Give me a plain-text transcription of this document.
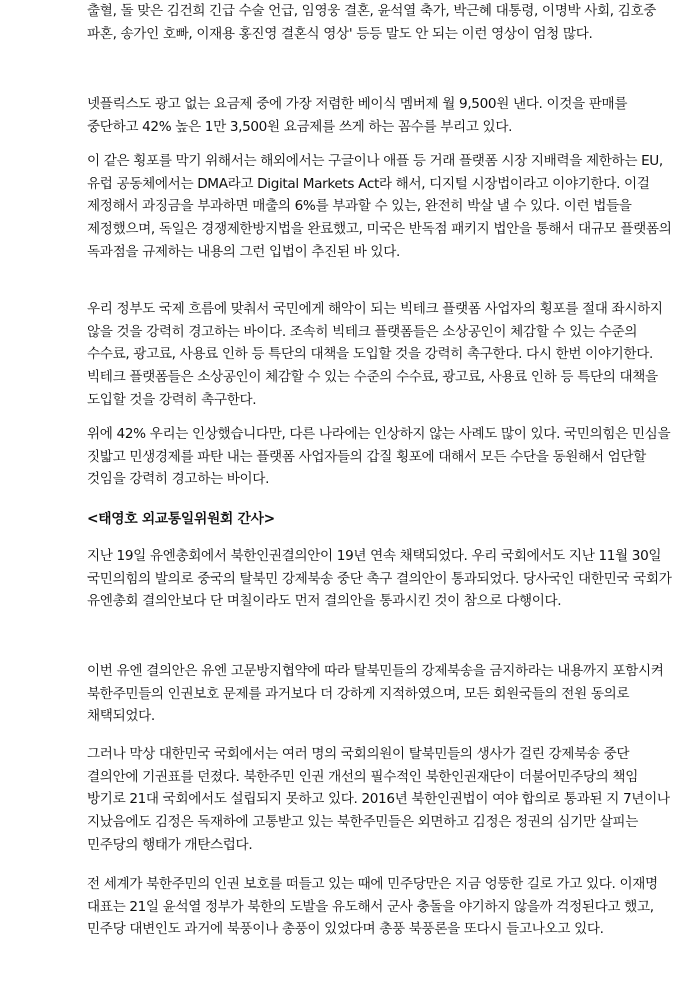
출혈, 돌 맞은 김건희 긴급 수술 언급, 임영웅 결혼, 윤석열 축가, 박근혜 대통령, 이명박 사회, 김호중 파혼, 송가인 호빠, 이재용 홍진영 결혼식 영상' 등등 말도 안 되는 이런 영상이 엄청 많다.

넷플릭스도 광고 없는 요금제 중에 가장 저렴한 베이식 멤버제 월 9,500원 낸다. 이것을 판매를 중단하고 42% 높은 1만 3,500원 요금제를 쓰게 하는 꼼수를 부리고 있다.

이 같은 횡포를 막기 위해서는 해외에서는 구글이나 애플 등 거래 플랫폼 시장 지배력을 제한하는 EU, 유럽 공동체에서는 DMA라고 Digital Markets Act라 해서, 디지털 시장법이라고 이야기한다. 이걸 제정해서 과징금을 부과하면 매출의 6%를 부과할 수 있는, 완전히 박살 낼 수 있다. 이런 법들을 제정했으며, 독일은 경쟁제한방지법을 완료했고, 미국은 반독점 패키지 법안을 통해서 대규모 플랫폼의 독과점을 규제하는 내용의 그런 입법이 추진된 바 있다.

우리 정부도 국제 흐름에 맞춰서 국민에게 해악이 되는 빅테크 플랫폼 사업자의 횡포를 절대 좌시하지 않을 것을 강력히 경고하는 바이다. 조속히 빅테크 플랫폼들은 소상공인이 체감할 수 있는 수준의 수수료, 광고료, 사용료 인하 등 특단의 대책을 도입할 것을 강력히 촉구한다. 다시 한번 이야기한다. 빅테크 플랫폼들은 소상공인이 체감할 수 있는 수준의 수수료, 광고료, 사용료 인하 등 특단의 대책을 도입할 것을 강력히 촉구한다.

위에 42% 우리는 인상했습니다만, 다른 나라에는 인상하지 않는 사례도 많이 있다. 국민의힘은 민심을 짓밟고 민생경제를 파탄 내는 플랫폼 사업자들의 갑질 횡포에 대해서 모든 수단을 동원해서 엄단할 것임을 강력히 경고하는 바이다.

<태영호 외교통일위원회 간사>

지난 19일 유엔총회에서 북한인권결의안이 19년 연속 채택되었다. 우리 국회에서도 지난 11월 30일 국민의힘의 발의로 중국의 탈북민 강제북송 중단 촉구 결의안이 통과되었다. 당사국인 대한민국 국회가 유엔총회 결의안보다 단 며칠이라도 먼저 결의안을 통과시킨 것이 참으로 다행이다.

이번 유엔 결의안은 유엔 고문방지협약에 따라 탈북민들의 강제북송을 금지하라는 내용까지 포함시켜 북한주민들의 인권보호 문제를 과거보다 더 강하게 지적하였으며, 모든 회원국들의 전원 동의로 채택되었다.

그러나 막상 대한민국 국회에서는 여러 명의 국회의원이 탈북민들의 생사가 걸린 강제북송 중단 결의안에 기권표를 던졌다. 북한주민 인권 개선의 필수적인 북한인권재단이 더불어민주당의 책임 방기로 21대 국회에서도 설립되지 못하고 있다. 2016년 북한인권법이 여야 합의로 통과된 지 7년이나 지났음에도 김정은 독재하에 고통받고 있는 북한주민들은 외면하고 김정은 정권의 심기만 살피는 민주당의 행태가 개탄스럽다.

전 세계가 북한주민의 인권 보호를 떠들고 있는 때에 민주당만은 지금 엉뚱한 길로 가고 있다. 이재명 대표는 21일 윤석열 정부가 북한의 도발을 유도해서 군사 충돌을 야기하지 않을까 걱정된다고 했고, 민주당 대변인도 과거에 북풍이나 총풍이 있었다며 총풍 북풍론을 또다시 들고나오고 있다.
